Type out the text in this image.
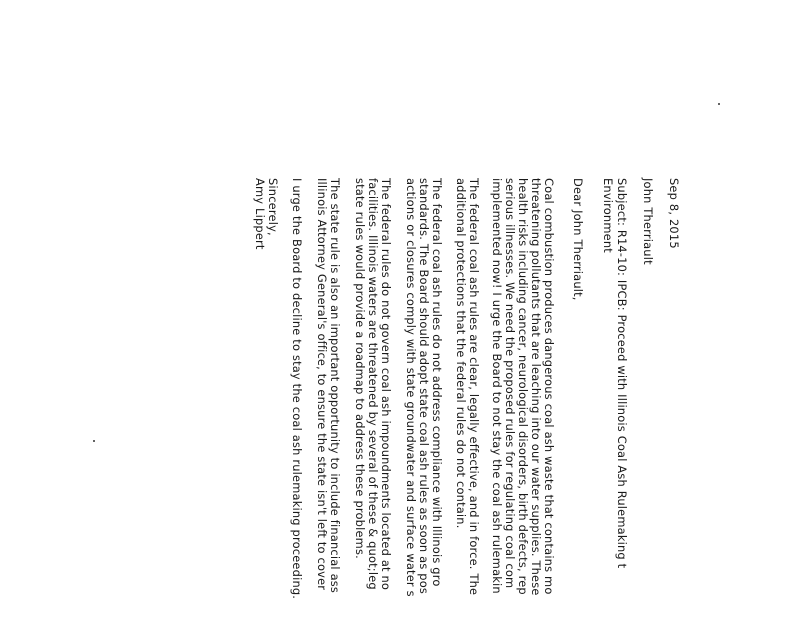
Sep 8, 2015
John Therriault
Subject: R14-10: IPCB: Proceed with Illinois Coal Ash Rulemaking t
Environment
Dear John Therriault,
Coal combustion produces dangerous coal ash waste that contains mo
threatening pollutants that are leaching into our water supplies. These
health risks including cancer, neurological disorders, birth defects, rep
serious illnesses. We need the proposed rules for regulating coal com
implemented now! I urge the Board to not stay the coal ash rulemakin
The federal coal ash rules are clear, legally effective, and in force. The
additional protections that the federal rules do not contain.
The federal coal ash rules do not address compliance with Illinois gro
standards. The Board should adopt state coal ash rules as soon as pos
actions or closures comply with state groundwater and surface water s
The federal rules do not govern coal ash impoundments located at no
facilities. Illinois waters are threatened by several of these & quot;leg
state rules would provide a roadmap to address these problems.
The state rule is also an important opportunity to include financial ass
Illinois Attorney General's office, to ensure the state isn't left to cover
I urge the Board to decline to stay the coal ash rulemaking proceeding.
Sincerely,
Amy Lippert
